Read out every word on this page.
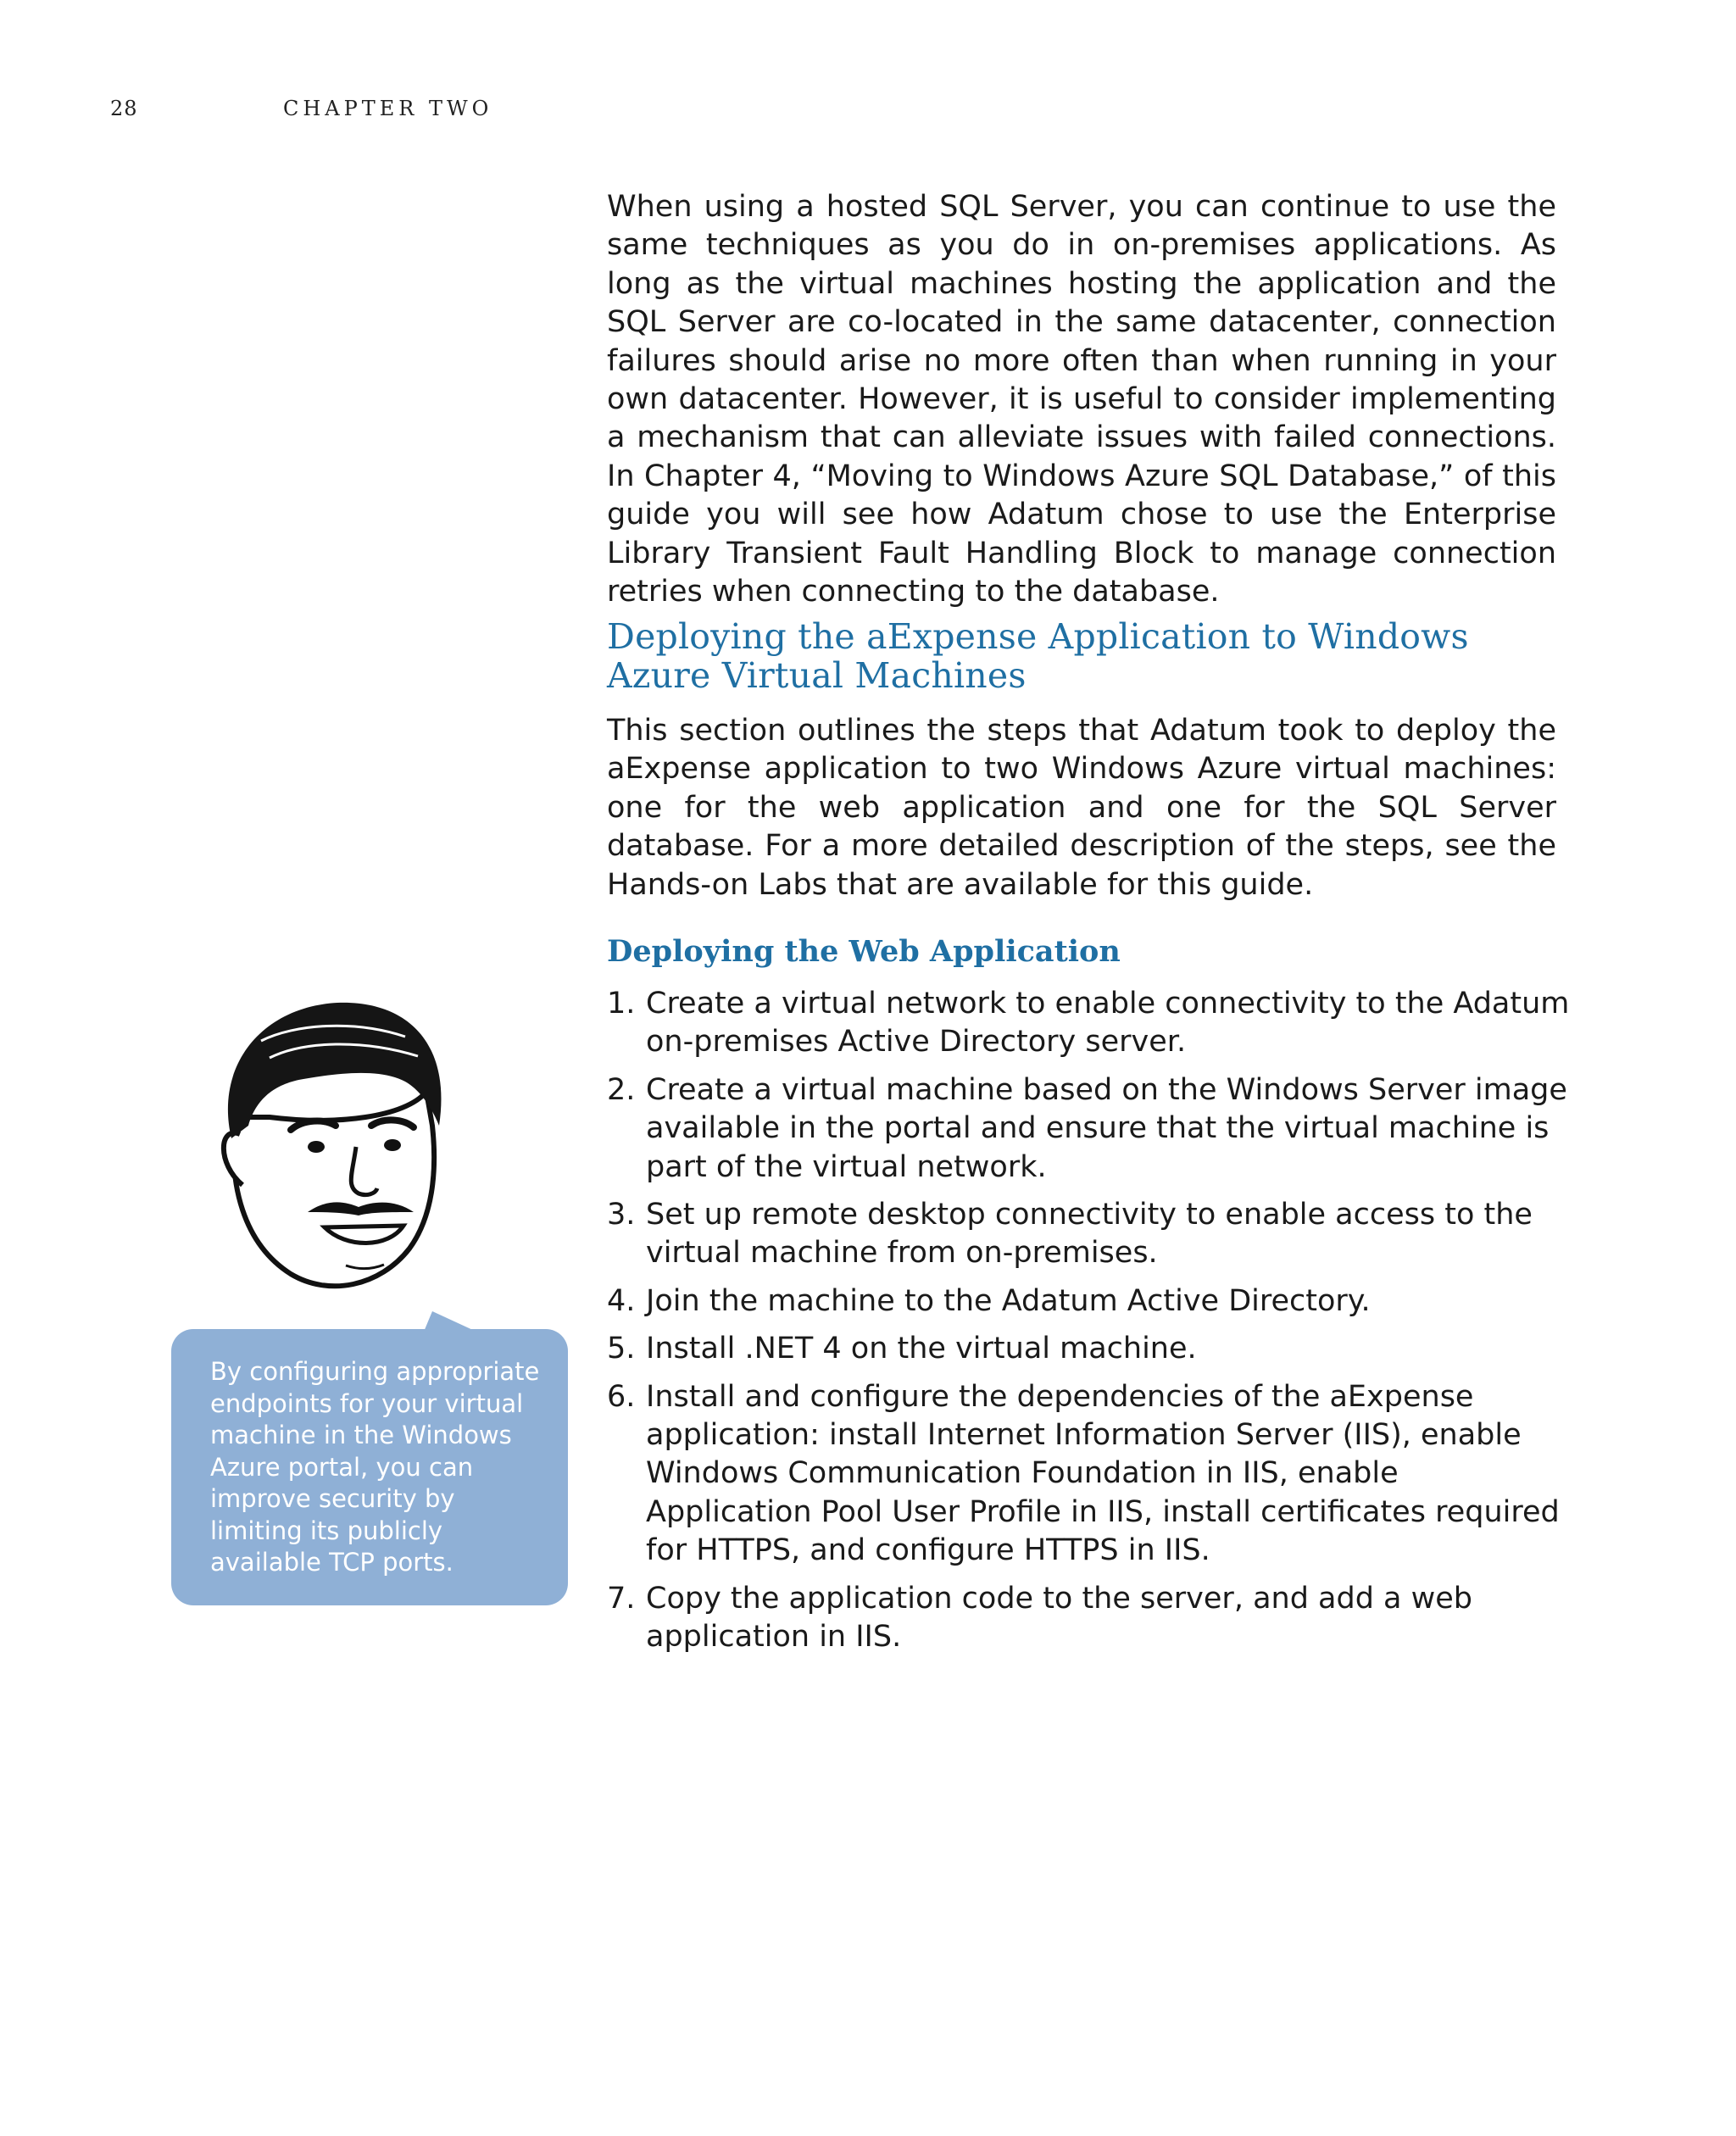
28	CHAPTER TWO

When using a hosted SQL Server, you can continue to use the same techniques as you do in on-premises applications. As long as the virtual machines hosting the application and the SQL Server are co-located in the same datacenter, connection failures should arise no more often than when running in your own datacenter. However, it is useful to consider implementing a mechanism that can alleviate issues with failed connections. In Chapter 4, “Moving to Windows Azure SQL Database,” of this guide you will see how Adatum chose to use the Enterprise Library Transient Fault Handling Block to manage connection retries when connecting to the database.

Deploying the aExpense Application to Windows Azure Virtual Machines

This section outlines the steps that Adatum took to deploy the aExpense application to two Windows Azure virtual machines: one for the web application and one for the SQL Server database. For a more detailed description of the steps, see the Hands-on Labs that are available for this guide.

Deploying the Web Application
1. Create a virtual network to enable connectivity to the Adatum on-premises Active Directory server.
2. Create a virtual machine based on the Windows Server image available in the portal and ensure that the virtual machine is part of the virtual network.
3. Set up remote desktop connectivity to enable access to the virtual machine from on-premises.
4. Join the machine to the Adatum Active Directory.
5. Install .NET 4 on the virtual machine.
6. Install and configure the dependencies of the aExpense application: install Internet Information Server (IIS), enable Windows Communication Foundation in IIS, enable Application Pool User Profile in IIS, install certificates required for HTTPS, and configure HTTPS in IIS.
7. Copy the application code to the server, and add a web application in IIS.
By configuring appropriate endpoints for your virtual machine in the Windows Azure portal, you can improve security by limiting its publicly available TCP ports.
